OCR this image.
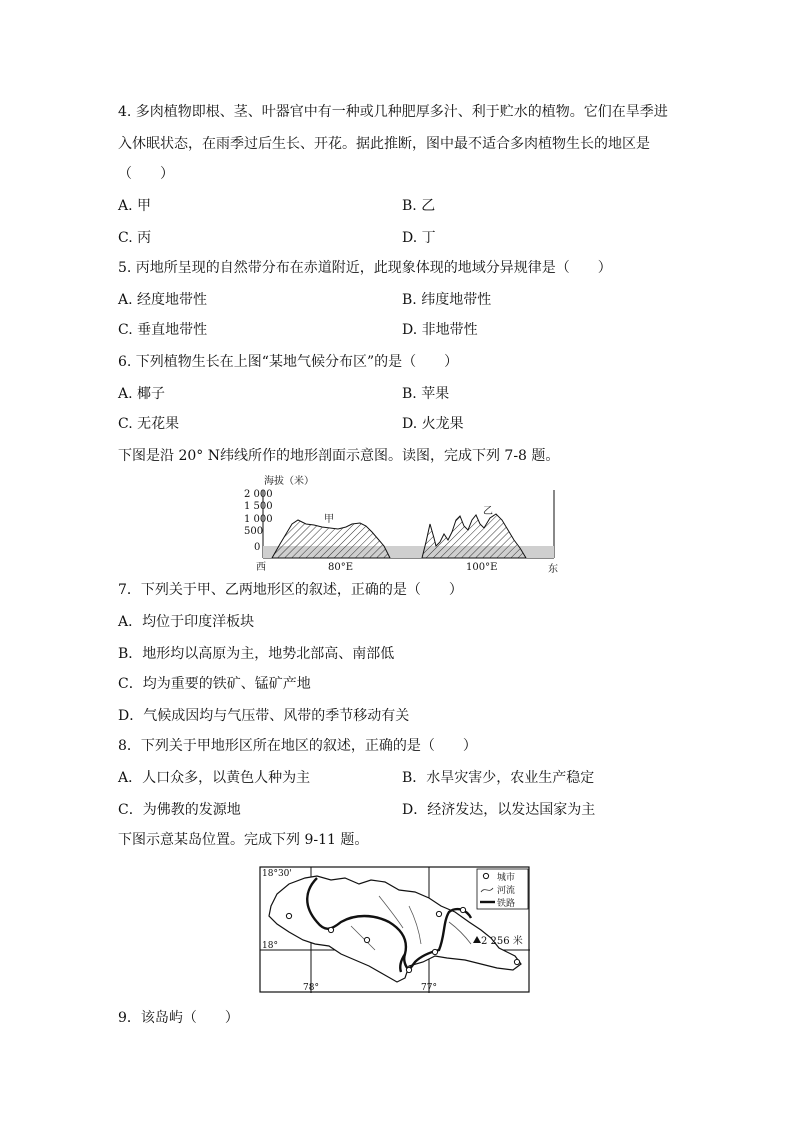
4. 多肉植物即根、茎、叶器官中有一种或几种肥厚多汁、利于贮水的植物。它们在旱季进
入休眠状态，在雨季过后生长、开花。据此推断，图中最不适合多肉植物生长的地区是
（　　）
A. 甲	B. 乙
C. 丙	D. 丁
5. 丙地所呈现的自然带分布在赤道附近，此现象体现的地域分异规律是（　　）
A. 经度地带性	B. 纬度地带性
C. 垂直地带性	D. 非地带性
6. 下列植物生长在上图“某地气候分布区”的是（　　）
A. 椰子	B. 苹果
C. 无花果	D. 火龙果
下图是沿 20° N纬线所作的地形剖面示意图。读图，完成下列 7-8 题。
海拔（米）
2 000
1 500
1 000
500
0
甲
乙
西	80°E	100°E	东
7．下列关于甲、乙两地形区的叙述，正确的是（　　）
A．均位于印度洋板块
B．地形均以高原为主，地势北部高、南部低
C．均为重要的铁矿、锰矿产地
D．气候成因均与气压带、风带的季节移动有关
8．下列关于甲地形区所在地区的叙述，正确的是（　　）
A．人口众多，以黄色人种为主	B．水旱灾害少，农业生产稳定
C．为佛教的发源地	D．经济发达，以发达国家为主
下图示意某岛位置。完成下列 9-11 题。
2 256 米
城市
河流
铁路
18°30'
18°
78°	77°
9．该岛屿（　　）
